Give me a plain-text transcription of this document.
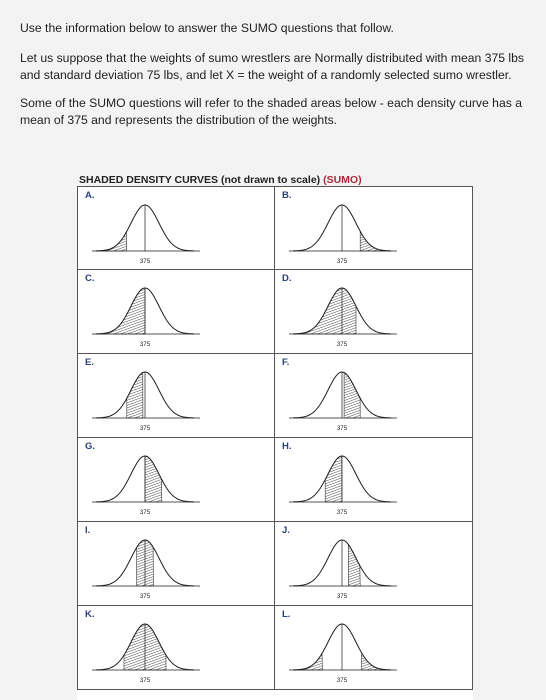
Use the information below to answer the SUMO questions that follow.

Let us suppose that the weights of sumo wrestlers are Normally distributed with mean 375 lbs and standard deviation 75 lbs, and let X = the weight of a randomly selected sumo wrestler.

Some of the SUMO questions will refer to the shaded areas below - each density curve has a mean of 375 and represents the distribution of the weights.

SHADED DENSITY CURVES (not drawn to scale) (SUMO)
A.
375
B.
375
C.
375
D.
375
E.
375
F.
375
G.
375
H.
375
I.
375
J.
375
K.
375
L.
375
